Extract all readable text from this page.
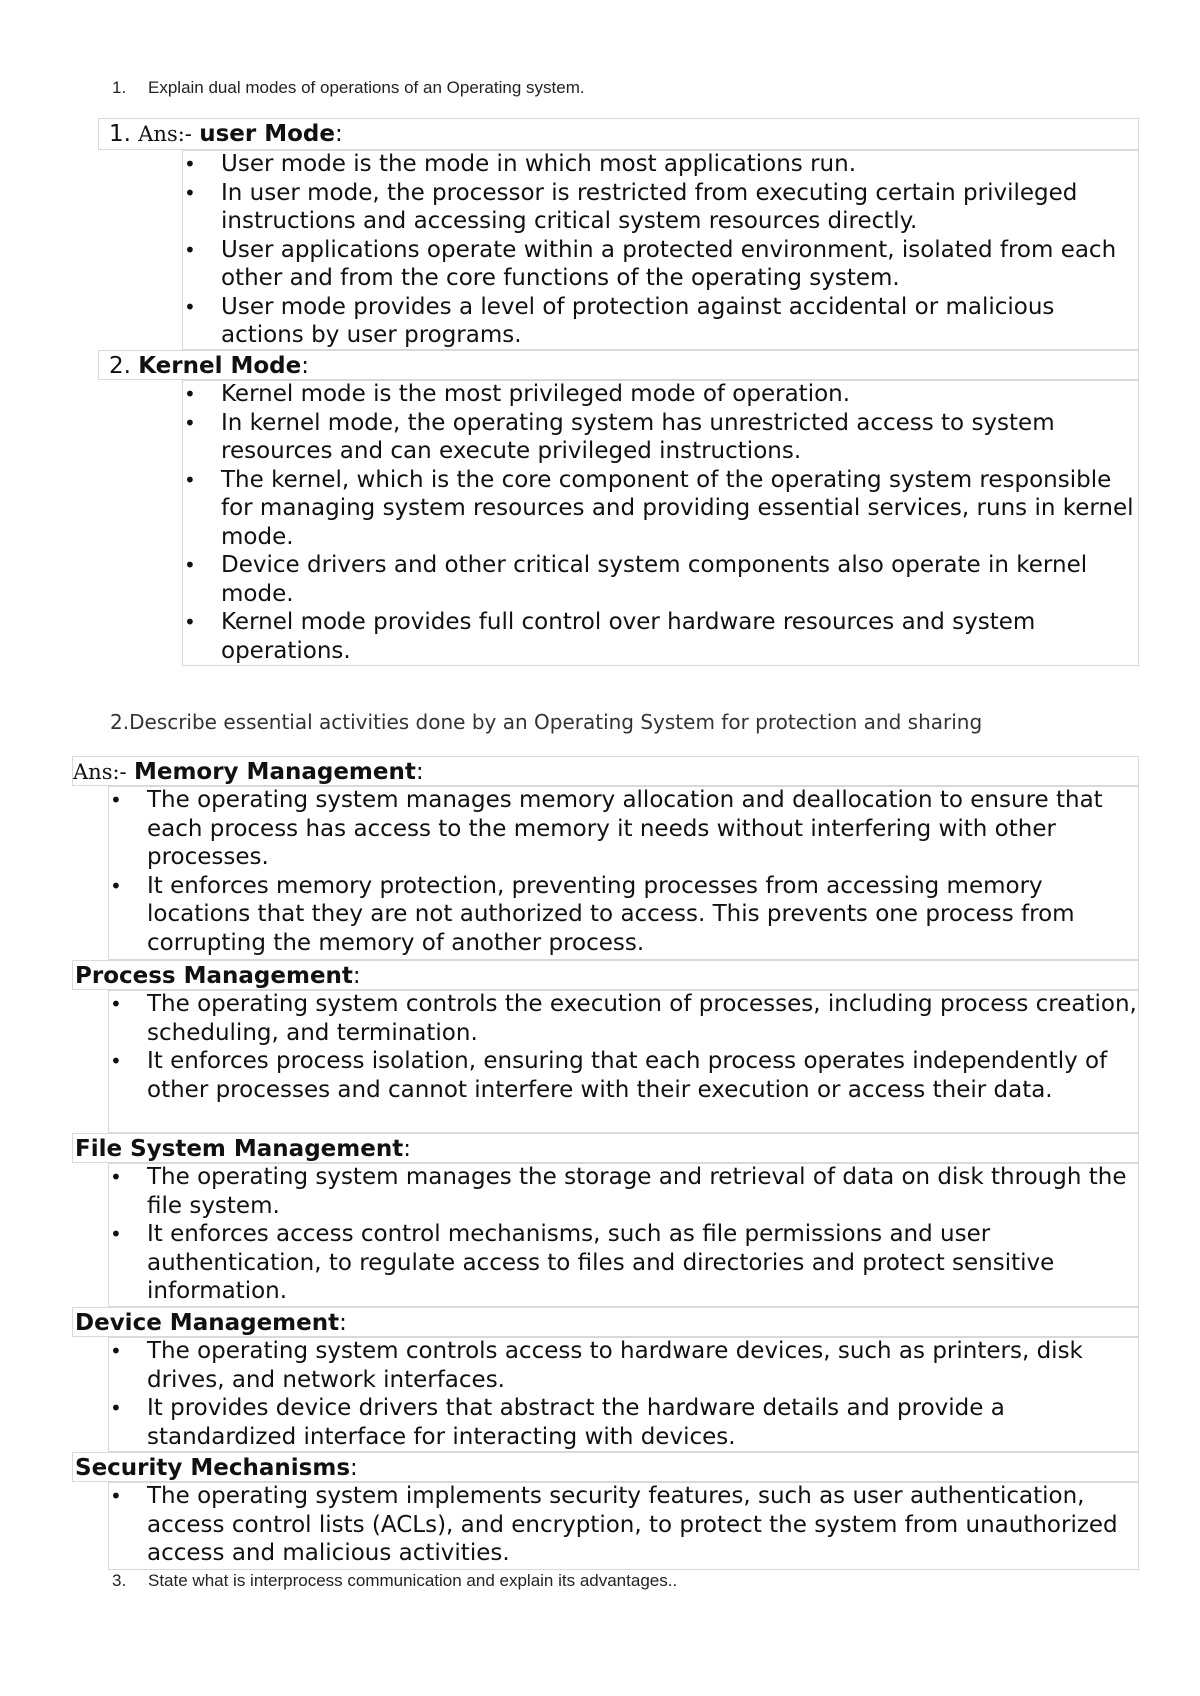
1. Explain dual modes of operations of an Operating system.
1. Ans:- user Mode:
• User mode is the mode in which most applications run.
• In user mode, the processor is restricted from executing certain privileged instructions and accessing critical system resources directly.
• User applications operate within a protected environment, isolated from each other and from the core functions of the operating system.
• User mode provides a level of protection against accidental or malicious actions by user programs.
2. Kernel Mode:
• Kernel mode is the most privileged mode of operation.
• In kernel mode, the operating system has unrestricted access to system resources and can execute privileged instructions.
• The kernel, which is the core component of the operating system responsible for managing system resources and providing essential services, runs in kernel mode.
• Device drivers and other critical system components also operate in kernel mode.
• Kernel mode provides full control over hardware resources and system operations.
2.Describe essential activities done by an Operating System for protection and sharing
Ans:- Memory Management:
• The operating system manages memory allocation and deallocation to ensure that each process has access to the memory it needs without interfering with other processes.
• It enforces memory protection, preventing processes from accessing memory locations that they are not authorized to access. This prevents one process from corrupting the memory of another process.
Process Management:
• The operating system controls the execution of processes, including process creation, scheduling, and termination.
• It enforces process isolation, ensuring that each process operates independently of other processes and cannot interfere with their execution or access their data.
File System Management:
• The operating system manages the storage and retrieval of data on disk through the file system.
• It enforces access control mechanisms, such as file permissions and user authentication, to regulate access to files and directories and protect sensitive information.
Device Management:
• The operating system controls access to hardware devices, such as printers, disk drives, and network interfaces.
• It provides device drivers that abstract the hardware details and provide a standardized interface for interacting with devices.
Security Mechanisms:
• The operating system implements security features, such as user authentication, access control lists (ACLs), and encryption, to protect the system from unauthorized access and malicious activities.
3. State what is interprocess communication and explain its advantages..
